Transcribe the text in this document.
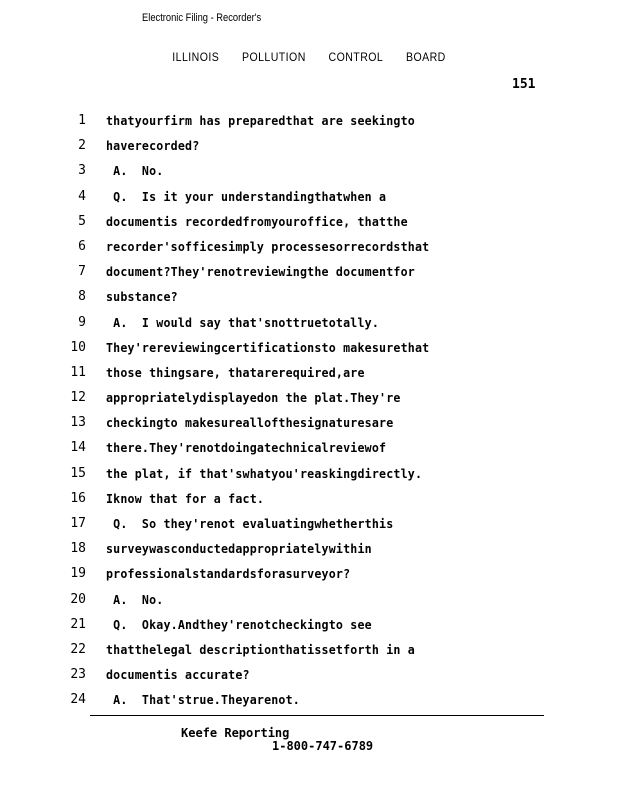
Electronic Filing - Recorder's
ILLINOIS POLLUTION CONTROL BOARD
151
1 thatyourfirm has preparedthat are seekingto
2 haverecorded?
3 A.  No.
4 Q.  Is it your understandingthatwhen a
5 documentis recordedfromyouroffice, thatthe
6 recorder'sofficesimply processesorrecordsthat
7 document?They'renotreviewingthe documentfor
8 substance?
9 A.  I would say that'snottruetotally.
10 They'rereviewingcertificationsto makesurethat
11 those thingsare, thatarerequired,are
12 appropriatelydisplayedon the plat.They're
13 checkingto makesureallofthesignaturesare
14 there.They'renotdoingatechnicalreviewof
15 the plat, if that'swhatyou'reaskingdirectly.
16 Iknow that for a fact.
17 Q.  So they'renot evaluatingwhetherthis
18 surveywasconductedappropriatelywithin
19 professionalstandardsforasurveyor?
20 A.  No.
21 Q.  Okay.Andthey'renotcheckingto see
22 thatthelegal descriptionthatissetforth in a
23 documentis accurate?
24 A.  That'strue.Theyarenot.
Keefe Reporting
1-800-747-6789
